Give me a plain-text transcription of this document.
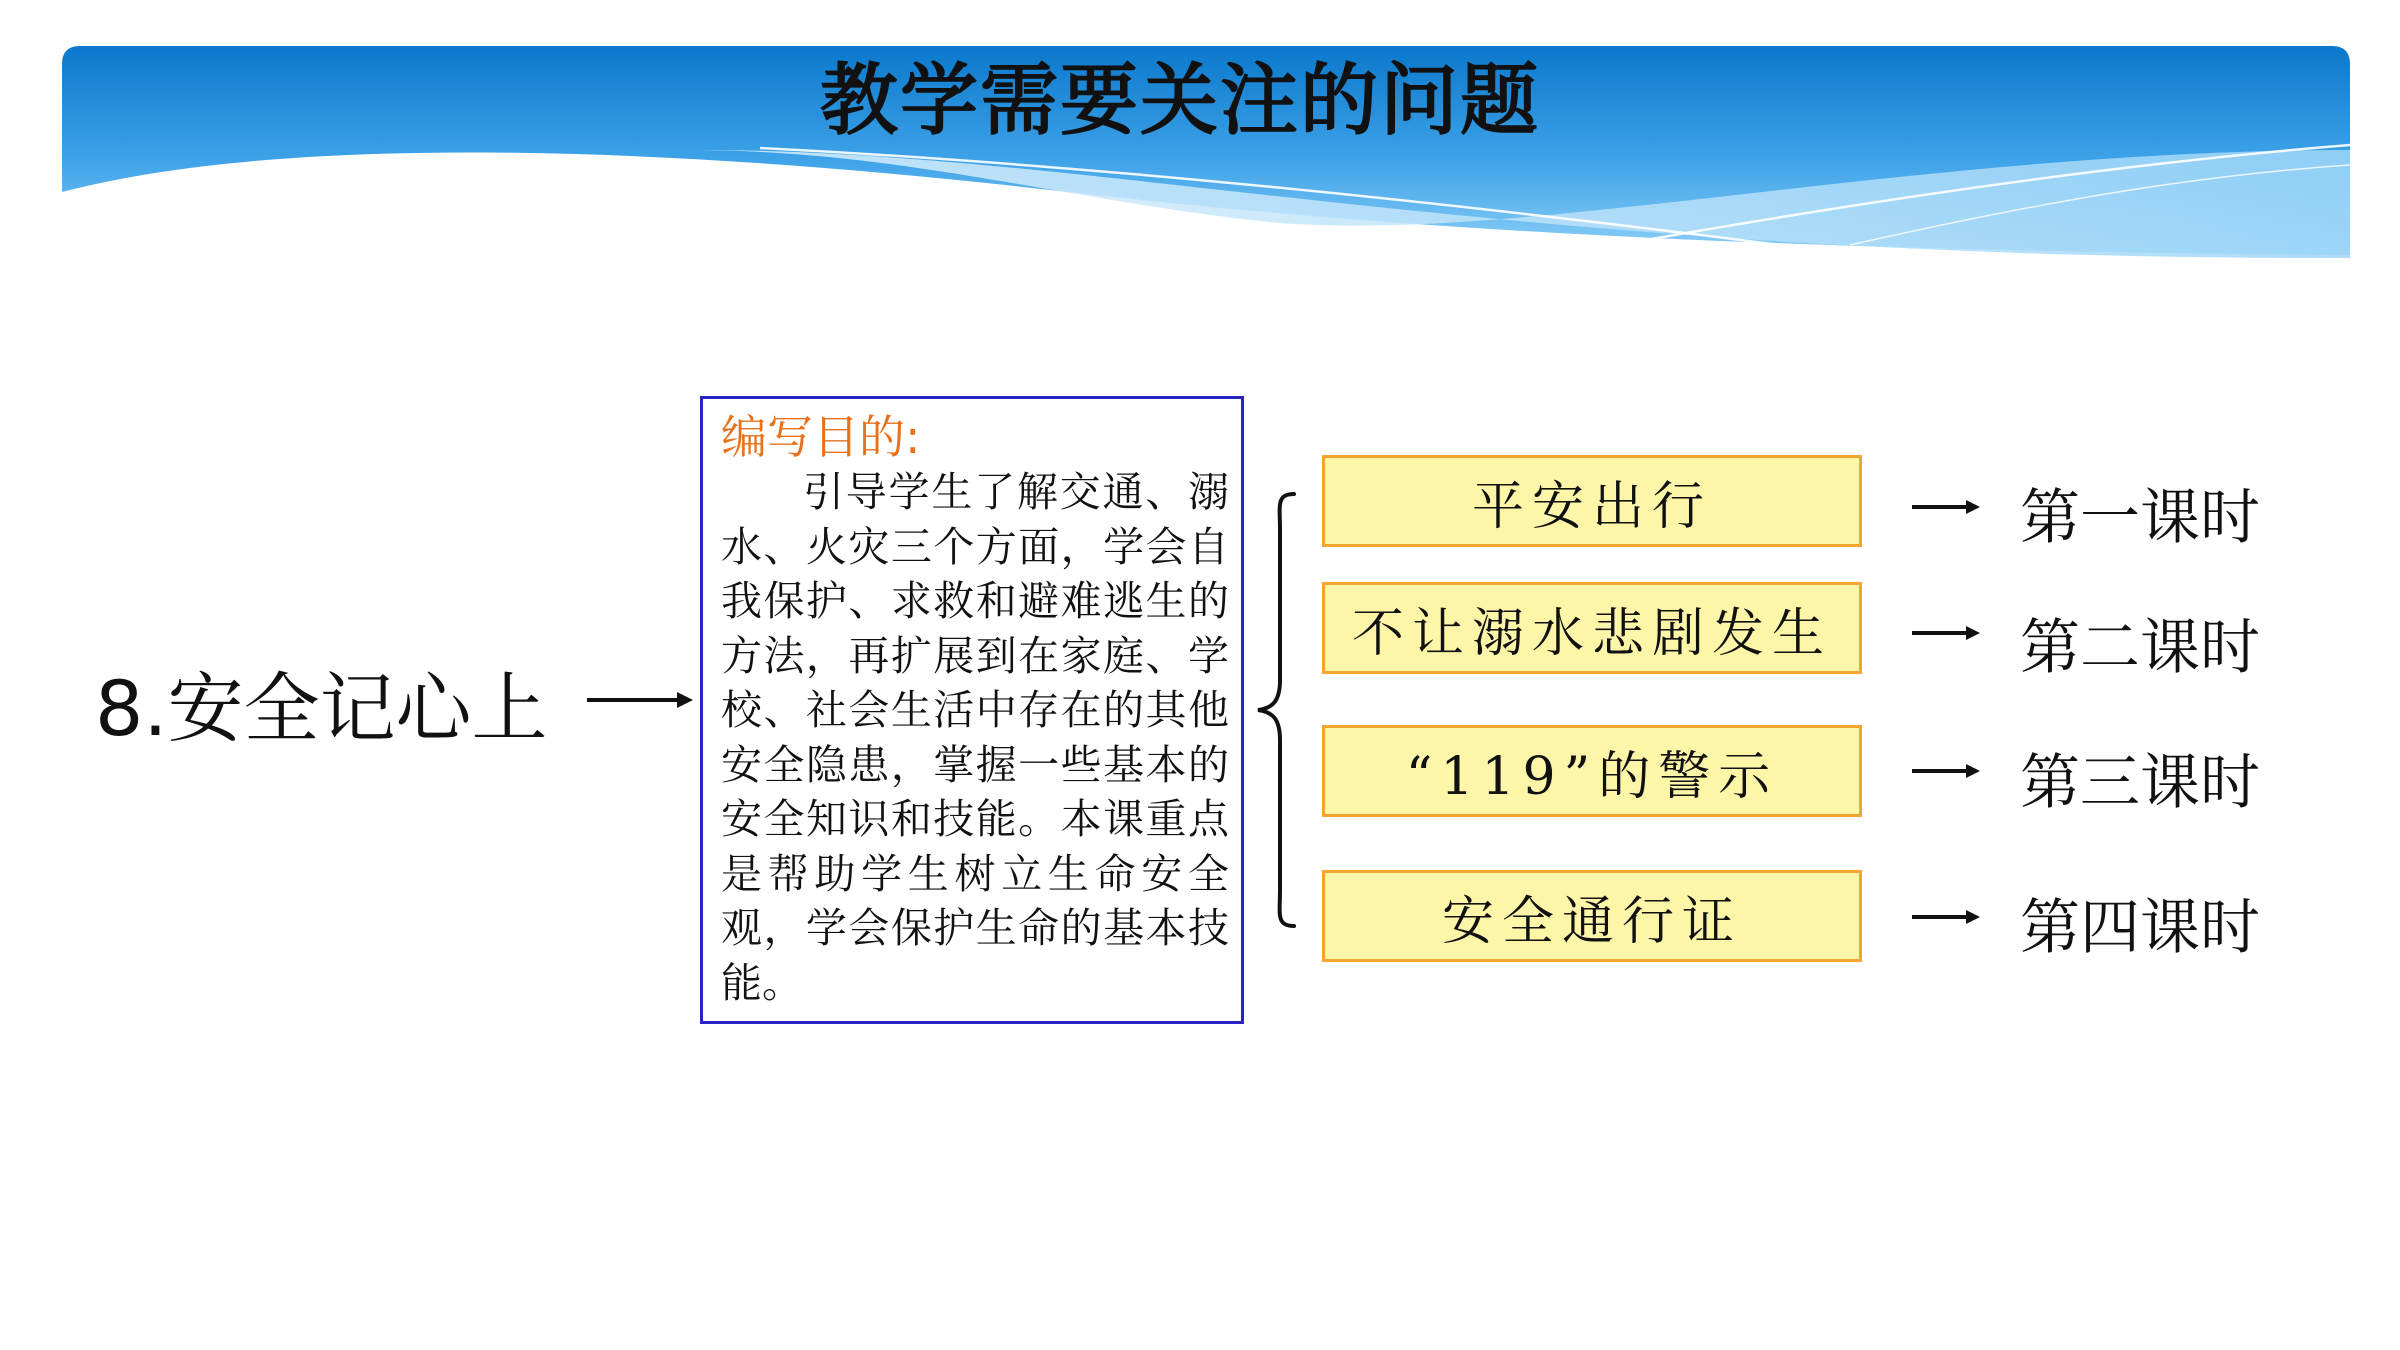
教学需要关注的问题
8.安全记心上
编写目的:
引导学生了解交通、溺水、火灾三个方面，学会自我保护、求救和避难逃生的方法，再扩展到在家庭、学校、社会生活中存在的其他安全隐患，掌握一些基本的安全知识和技能。本课重点是帮助学生树立生命安全观，学会保护生命的基本技能。
平安出行
不让溺水悲剧发生
“119”的警示
安全通行证
第一课时
第二课时
第三课时
第四课时
